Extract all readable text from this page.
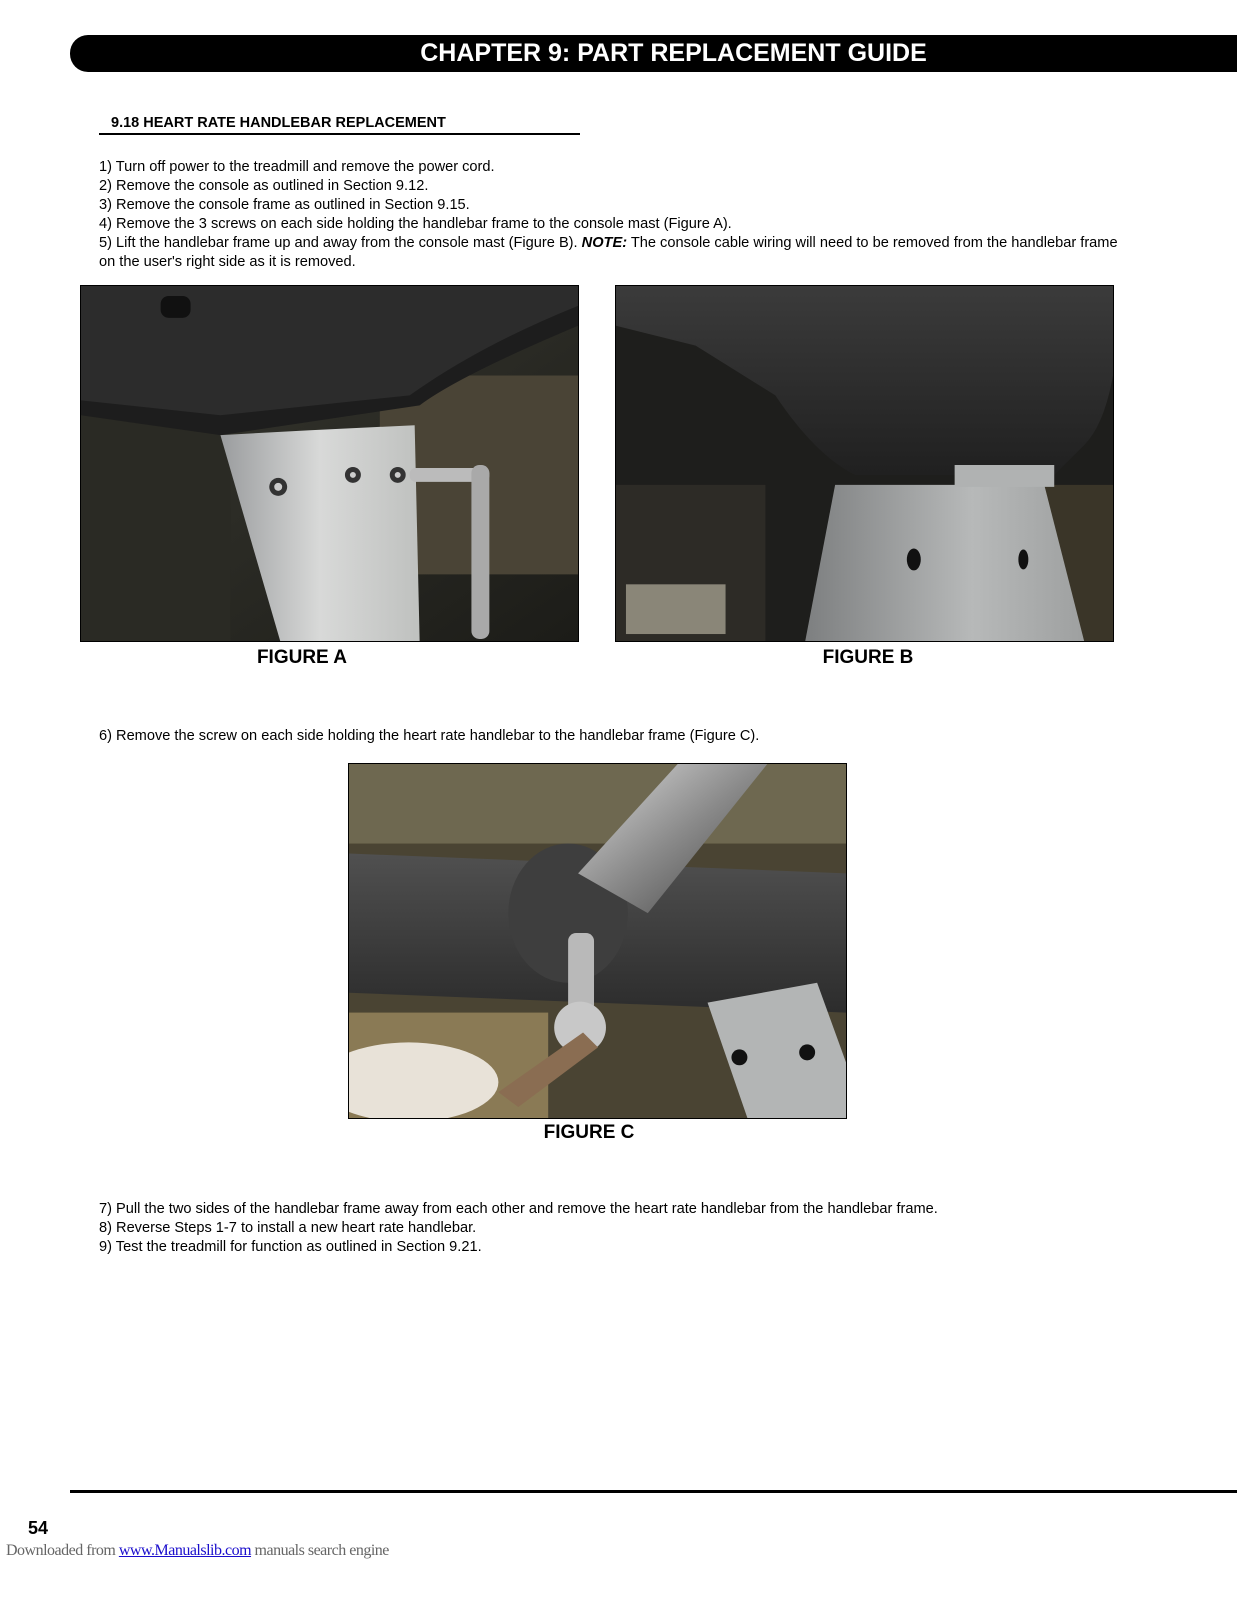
CHAPTER 9: PART REPLACEMENT GUIDE
9.18 HEART RATE HANDLEBAR REPLACEMENT

1) Turn off power to the treadmill and remove the power cord.

2) Remove the console as outlined in Section 9.12.

3) Remove the console frame as outlined in Section 9.15.

4) Remove the 3 screws on each side holding the handlebar frame to the console mast (Figure A).

5) Lift the handlebar frame up and away from the console mast (Figure B). NOTE: The console cable wiring will need to be removed from the handlebar frame on the user's right side as it is removed.

FIGURE A	FIGURE B

6) Remove the screw on each side holding the heart rate handlebar to the handlebar frame (Figure C).

FIGURE C

7) Pull the two sides of the handlebar frame away from each other and remove the heart rate handlebar from the handlebar frame.

8) Reverse Steps 1-7 to install a new heart rate handlebar.

9) Test the treadmill for function as outlined in Section 9.21.

54
Downloaded from www.Manualslib.com manuals search engine
